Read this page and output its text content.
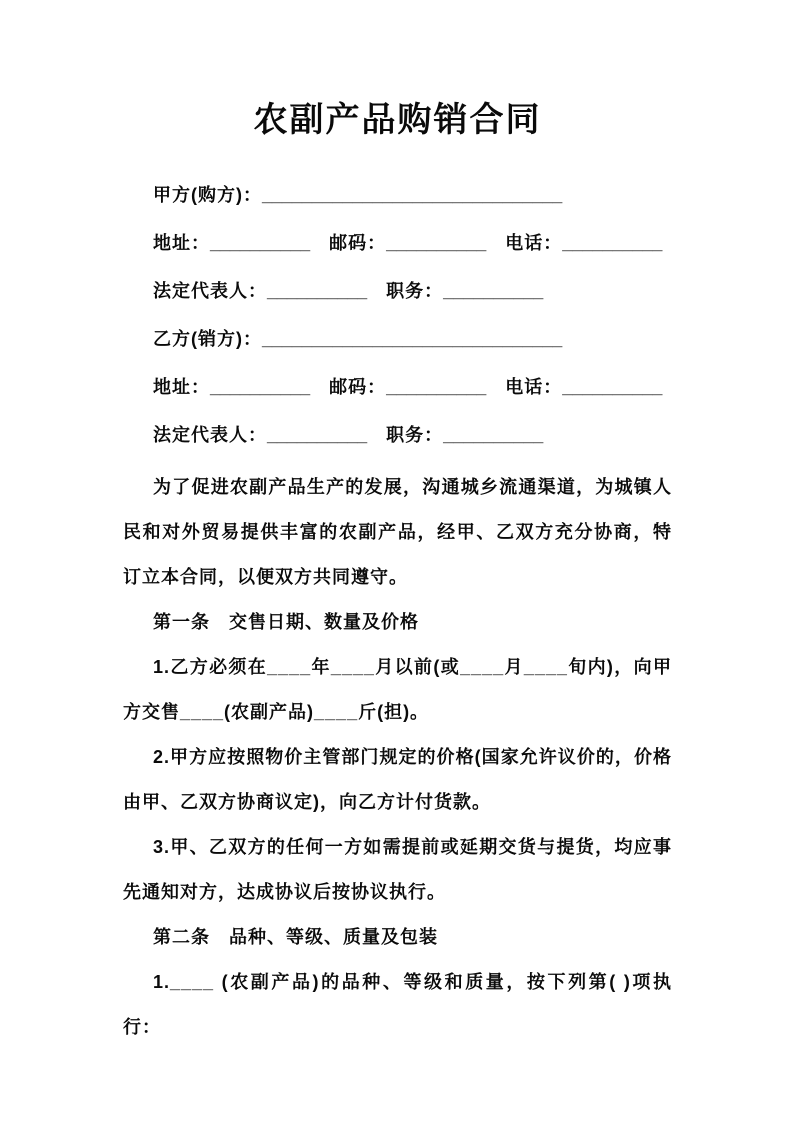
农副产品购销合同
甲方(购方)：______________________________
地址：__________ 邮码：__________ 电话：__________
法定代表人：__________ 职务：__________
乙方(销方)：______________________________
地址：__________ 邮码：__________ 电话：__________
法定代表人：__________ 职务：__________

为了促进农副产品生产的发展，沟通城乡流通渠道，为城镇人民和对外贸易提供丰富的农副产品，经甲、乙双方充分协商，特订立本合同，以便双方共同遵守。

第一条　交售日期、数量及价格

1.乙方必须在____年____月以前(或____月____旬内)，向甲方交售____(农副产品)____斤(担)。

2.甲方应按照物价主管部门规定的价格(国家允许议价的，价格由甲、乙双方协商议定)，向乙方计付货款。

3.甲、乙双方的任何一方如需提前或延期交货与提货，均应事先通知对方，达成协议后按协议执行。

第二条　品种、等级、质量及包装

1.____ (农副产品)的品种、等级和质量，按下列第( )项执行：
